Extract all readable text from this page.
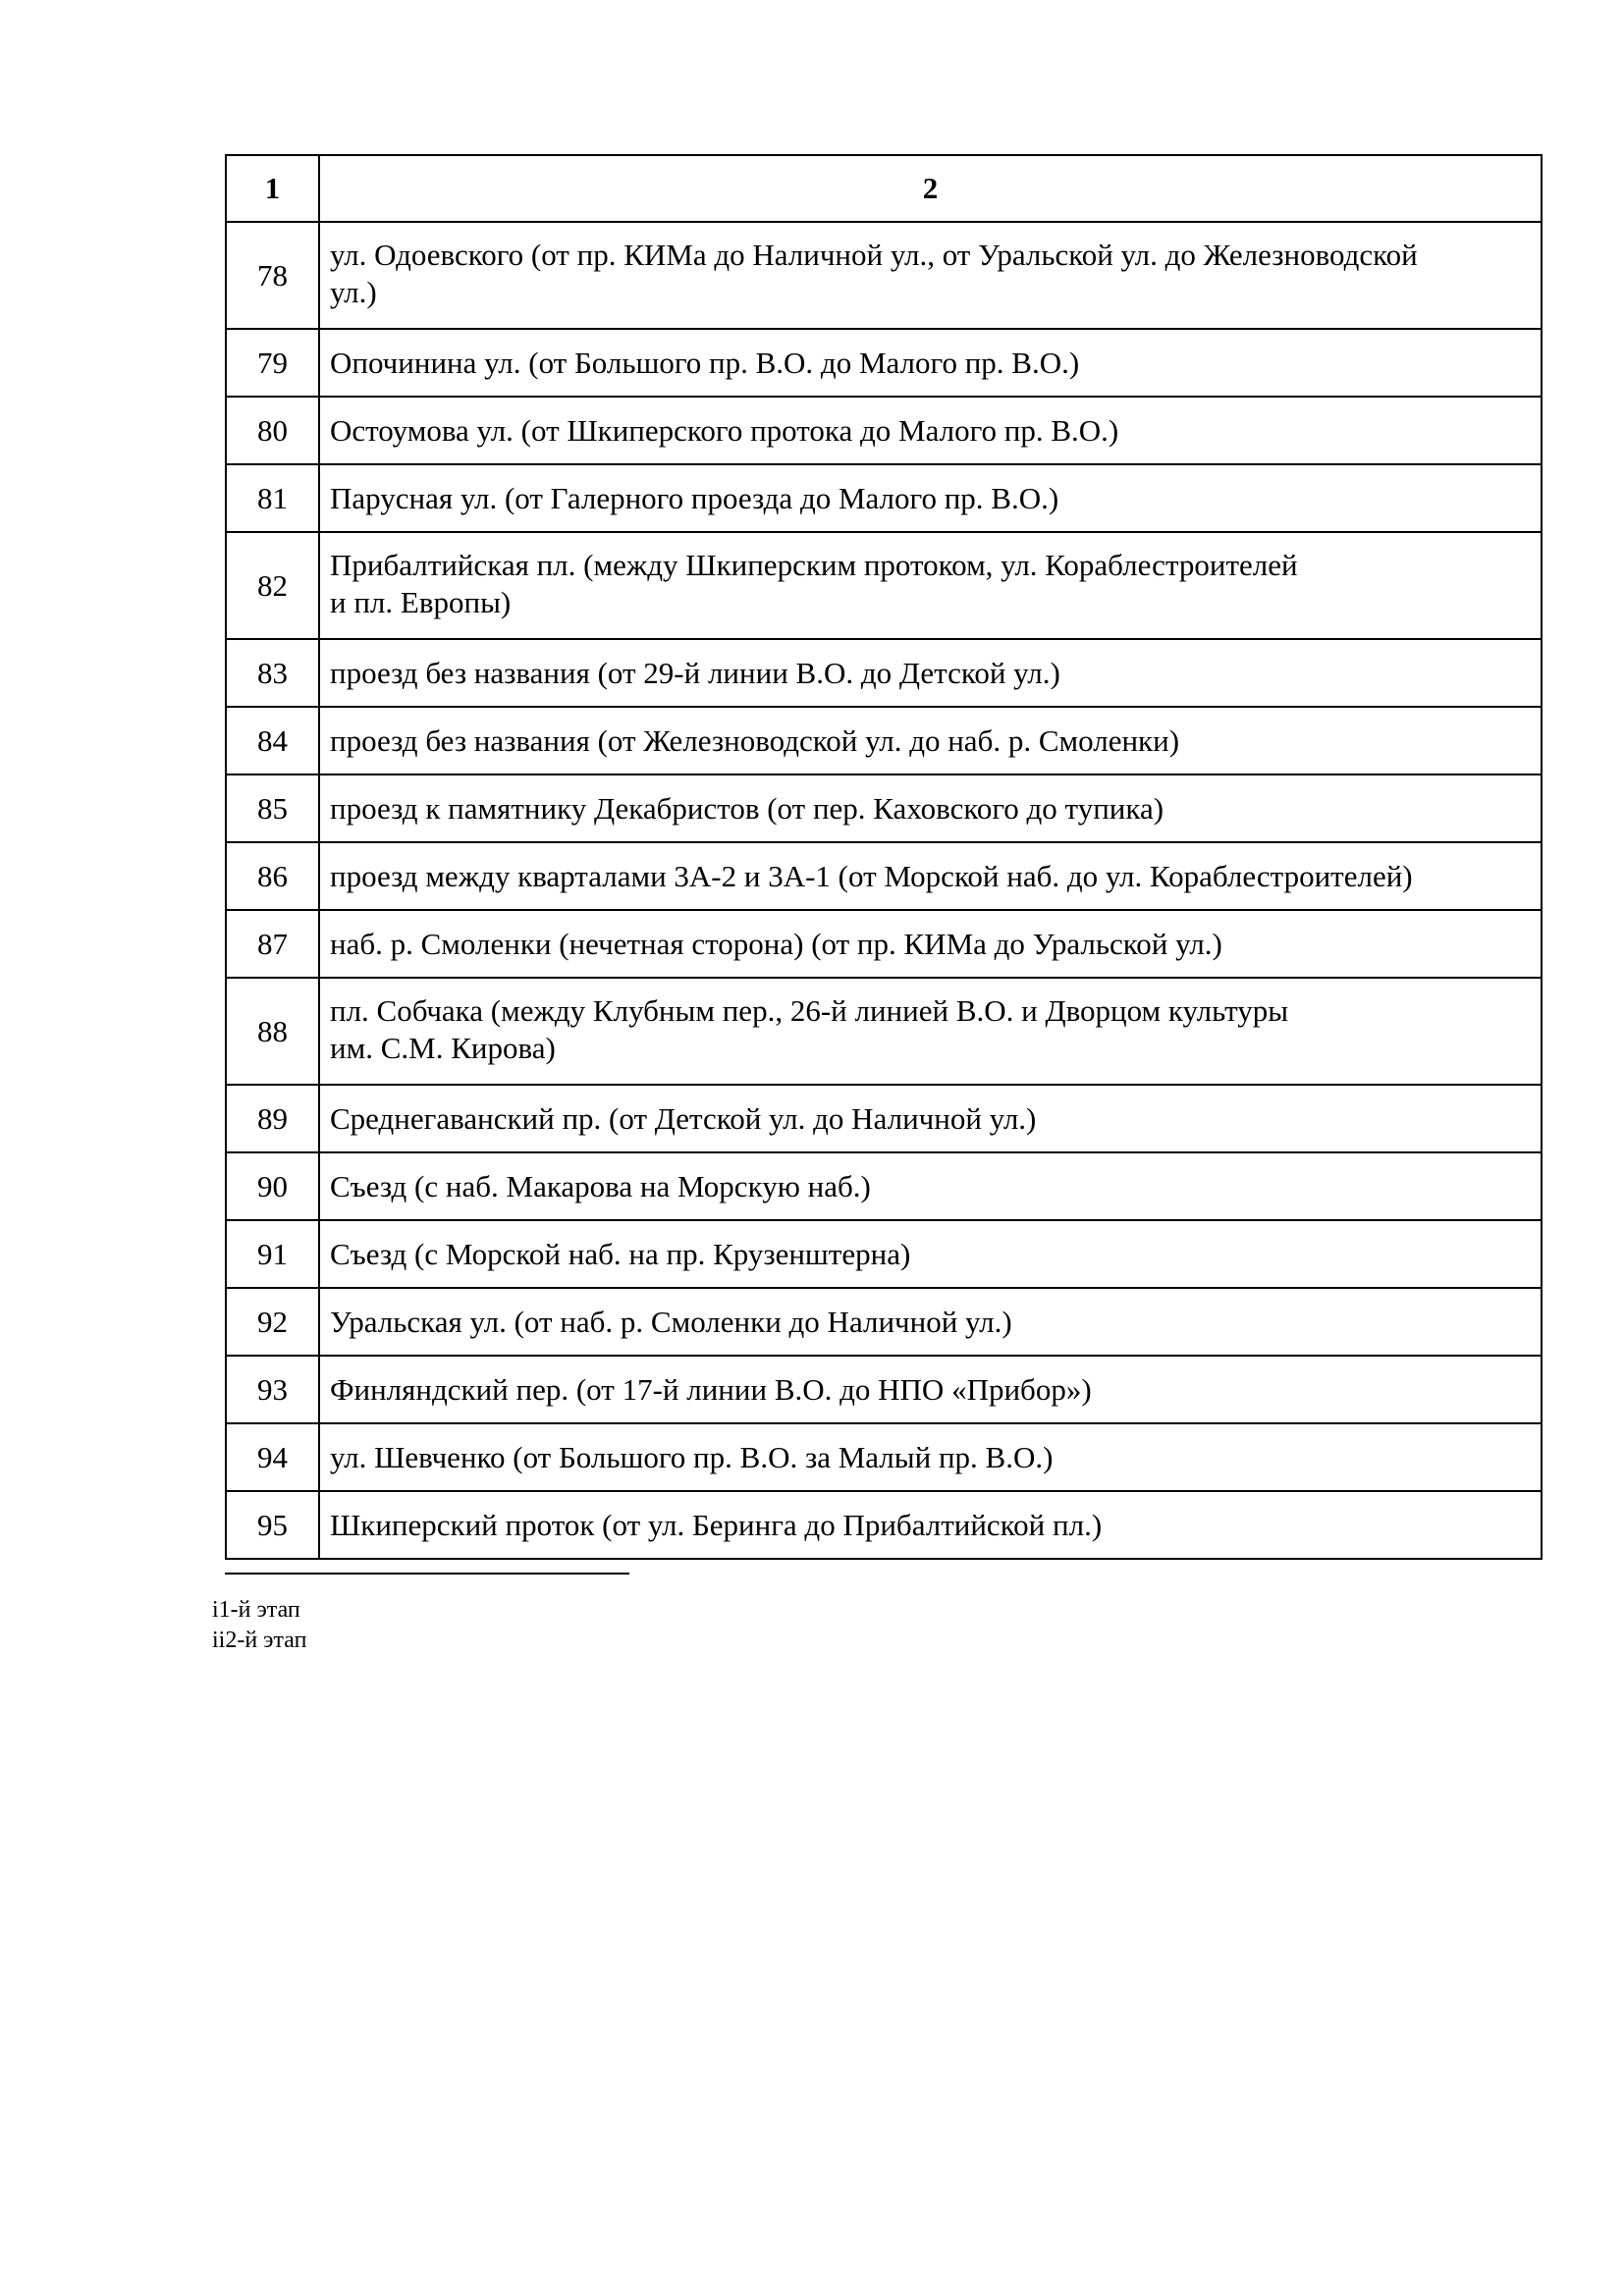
1	2
78	ул. Одоевского (от пр. КИМа до Наличной ул., от Уральской ул. до Железноводской
ул.)

79	Опочинина ул. (от Большого пр. В.О. до Малого пр. В.О.)

80	Остоумова ул. (от Шкиперского протока до Малого пр. В.О.)

81	Парусная ул. (от Галерного проезда до Малого пр. В.О.)

82	Прибалтийская пл. (между Шкиперским протоком, ул. Кораблестроителей
и пл. Европы)

83	проезд без названия (от 29-й линии В.О. до Детской ул.)

84	проезд без названия (от Железноводской ул. до наб. р. Смоленки)

85	проезд к памятнику Декабристов (от пер. Каховского до тупика)

86	проезд между кварталами 3А-2 и 3А-1 (от Морской наб. до ул. Кораблестроителей)

87	наб. р. Смоленки (нечетная сторона) (от пр. КИМа до Уральской ул.)

88	пл. Собчака (между Клубным пер., 26-й линией В.О. и Дворцом культуры
им. С.М. Кирова)

89	Среднегаванский пр. (от Детской ул. до Наличной ул.)

90	Съезд (с наб. Макарова на Морскую наб.)

91	Съезд (с Морской наб. на пр. Крузенштерна)

92	Уральская ул. (от наб. р. Смоленки до Наличной ул.)

93	Финляндский пер. (от 17-й линии В.О. до НПО «Прибор»)

94	ул. Шевченко (от Большого пр. В.О. за Малый пр. В.О.)

95	Шкиперский проток (от ул. Беринга до Прибалтийской пл.)
i1-й этап
ii2-й этап
